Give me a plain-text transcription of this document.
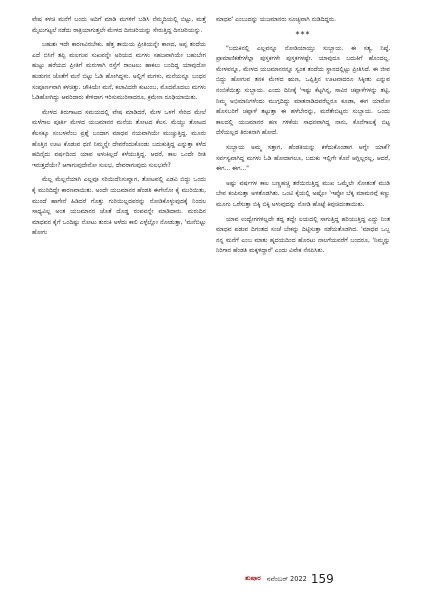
ವೇಷ ಕಳಚಿ ಮನೆಗೆ ಬಂದು ಅದಿಗೆ ಮಾಡಿ ಮಗಳಿಗೆ ಬಡಿಸಿ ನೆಮ್ಮದಿಯಲ್ಲಿ ಬಿಟ್ಟು, ಮತ್ತೆ ಮೈಲುಗಟ್ಟಲೆ ನಡೆದು ರಾತ್ರಿಯಾಗುತ್ತಲೇ ಮೇಳದ ದಿನಚರಿಯನ್ನು ಸೇರುತ್ತಿದ್ದ ದಿನಚರಿಯನ್ನು.

ಬಹುಶಃ ಇದೇ ಕಾರಣವಿರಬೇಕು. ಹೆತ್ತ ತಾಯಿಯ ಪ್ರೀತಿಯನ್ನೇ ಕಾಣದ, ಅಪ್ಪ ತಂದೆಯ ಎದೆ ಬಿಸಿಗೆ ತಪ್ಪಿ ಮಲಗುವ ಸುಖವನ್ನೇ ಅರಿಯದ ಮಗಳು ಸಹಜವಾಗಿಯೇ ಬಹುಬೇಗ ಹುಟ್ಟು ಹರೆಯದ ಪ್ರೀತಿಗೆ ಮರುಳಾಗಿ ರಸ್ತೆಗೆ ರಾಂಟಲು ಹಾಕಲು ಬಂದಿದ್ದ ಯಾವುದೋ ಹುಡುಗನ ಜೊತೆಗೆ ಮನೆ ಬಿಟ್ಟು ಓಡಿ ಹೋಗಿದ್ದಳು. ಅಲ್ಲಿಗೆ ಮಗಳು, ಮನೆಯನ್ನೂ ಬಂಧನ ಸಂಪೂರ್ಣವಾಗಿ ಕಳಚಿತ್ತು. ಚೌಕಿಯೇ ಮನೆ, ಕಲಾವಿದರೇ ಕುಟುಂಬ, ಮೊದಮೊದಲು ಮಗಳು ಓಡಿಹೋಗಿದ್ದು ಆವರಿದಾರು ಕೇಳಿದಾಗ ಇರಿಸುಮುರಿಸಾದರೂ, ಕ್ರಮೇಣ ರೂಢಿಯಾಯಿತು.

ಮೇಳದ ತಿರುಗಾಟದ ಸಮಯದಲ್ಲಿ ವೇಷ ಮಾಡಿದರೆ, ಮೇಳ ಒಳಗೆ ಸೇರಿದ ಮೇಲೆ ಮಳೆಗಾಲ ಪೂರ್ತಿ ಮೇಳದ ಯಜಮಾನರ ಮನೆಯ ತೋಟದ ಕೆಲಸ. ಮೆಯ್ದು ತೋಟದ ಕೆಲಸಕ್ಕೂ ಸಂಬಳವೆಂಬ ಪ್ರಶ್ನೆ ಬಂದಾಗ ಮಾಧವ ನಯವಾಗಿಯೇ ಮುಚ್ಚುತ್ತಿದ್ದ. ಮೂರು ಹೊತ್ತಿನ ಊಟ ಕೊಡುವ ಧಣಿ ನಿಮ್ಮನ್ನೇ ದೇವರೆಂದುಕೊಂಡು ಬದುಕುತ್ತಿದ್ದ ಎನ್ನುತ್ತಾ ಕಳೆದ ಹದಿನೈದು ವರ್ಷದಿಂದ ಯಾವ ಅಳುಕಿಲ್ಲದೆ ಕಳೆಯುತ್ತಿದ್ದ. ಆದರೆ, ಕಾಲ ಒಂದೇ ರೀತಿ ಇರುತ್ತದೆಯೇ? ಆಗಾಗುವುದೇನೋ ಸುಲಭ, ದೇವರಾಗುವುದು ಸುಲಭವೇ?

ಮೆಲ್ಲ ಮೆಲ್ಲನೆಯಾಗಿ ಎಲ್ಲವೂ ಸರಿಯಿದೆನಿಸುವ್ವಾಗ, ತೋಟವಲ್ಲಿ ಎಡವಿ ಬಿದ್ದು ಒಂದು ಕೈ ಮುರಿದಿದ್ದೇ ಕಾರಣವಾಯಿತು. ಅಂದೇ ಯಜಮಾನರ ಹೆಂಡತಿ ಈಗೇನೋ ಕೈ ಮುರಿಯಿತು, ಮುಂದೆ ಹಾಗೇನೆ ಹಿಡಿದರೆ ಗೊತ್ತು ಗುರಿಯಿಲ್ಲದವರನ್ನು ನೋಡಿಕೊಳ್ಳುವುದಕ್ಕೆ ನಿಂದಲ ಸಾಧ್ಯವಿಲ್ಲ ಅಂತ ಯಜಮಾನರ ಜೊತೆ ದೊಡ್ಡ ರಂಪವನ್ನೇ ಮಾಡಿದಾರು. ಮರುದಿನ ಮಾಧವನ ಕೈಗೆ ಒಂದಿಷ್ಟು ನೋಟು ತುರುಕಿ ಅಳೆದು ಕಾಲಿ ಎಳ್ಳೆಲ್ಲೋ ನೋಡುತ್ತಾ, 'ಮನೆಬಿಟ್ಟು ಹೋಗು

ಮಾಧವ' ಎಂಬುದನ್ನು ಯಜಮಾನರು ಸೂಚ್ಯವಾಗಿ ನುಡಿದಿದ್ದರು.

***

"ಬದುಕಿನಲ್ಲಿ ಎಲ್ಲವನ್ನೂ ನೋಡಿಯಾಯ್ತು ಸುಬ್ಬಾಯ. ಈ ಸತ್ಯ, ನಿಷ್ಠೆ, ಪ್ರಾಮಾಣಿಕತೆಗಳೆಲ್ಲಾ ಪುಸ್ತಕಗಳೇ ಪುಸ್ತಕಗಳಷ್ಟೇ. ಯಾವುದೂ ಬದುಕಿಗೆ ಹೊಂದಲ್ಲ. ಮೇಳವನ್ನೂ, ಮೇಳದ ಯಜಮಾನರನ್ನೂ ಸ್ವಂತ ತಂದೆಯ ಸ್ಥಾನದಲ್ಲಿಟ್ಟು ಪ್ರೀತಿಸಿದೆ. ಈ ಜೀವ ಬಿದ್ದು ಹೋಗುವ ತನಕ ಮೇಳದ ಋಣ, ಒಪ್ಪಿತ್ತಿನ ಊಟವಾದರೂ ಸಿಕ್ಕೀತು ಎನ್ನುವ ನಂಬಿಕೆಯಿತ್ತು ಸುಬ್ಬಾಯ. ಎಂದು ದಿನೀಕ್ಕೆ 'ಇಷ್ಟು ಕೆಟ್ಟಗಿನ್ನ, ಸಾವಿರ ಚಪ್ಪಾಳೆಗಳನ್ನು ತಟ್ಟಿ, ನಿಮ್ಮ ಅಭಿಮಾನಿಗಳೆಂದು ಮುಗ್ಗದಿದ್ದು ಮಾತನಾಡಿದವರೆಲ್ಲರೂ ಕೂಡಾ, ಈಗ ಯಾರೋ ಹೊಸಬರಿಗೆ ಚಪ್ಪಾಳೆ ತಟ್ಟುತ್ತಾ ಈ ಹಳೆಬೇರನ್ನು, ಮರೆತೇಬಿಟ್ಟರು ಸುಬ್ಬಾಯ. ಒಂದು ಕಾಲದಲ್ಲಿ ಯಜಮಾನರ ಹಣ ಗಳಿಕೆಯ ಸಾಧನವಾಗಿದ್ದ ನಾನು, ಕೊನೆಗಾಲಕ್ಕೆ ಬಿಟ್ಟ ದೆಸೆಯಲ್ಲದ ತಿರುಕನಾಗಿ ಹೋದೆ.

ಸುಬ್ಬಾಯ ಅಮ್ಮ ಸತ್ತಾಗ, ಹೆಂಡತಿಯನ್ನು ಕಳೆದುಕೊಂಡಾಗ ಆಗ್ನೇ ಯಾಕೆ? ಸರ್ವಸ್ವವಾಗಿದ್ದ ಮಗಳು ಓಡಿ ಹೋದಾಗಲೂ, ಬದುಕು ಇಲ್ಲಿಗೇ ಕೊನೆ ಆಗ್ಲಿಲ್ಲರಲ್ಲ, ಆದರೆ, ಈಗ... ಈಗ..."

ಅಷ್ಟು ವರ್ಷಗಳ ಕಾಲ ಬಣ್ಣಹಚ್ಚಿ ತರೆಯಿರುತ್ತಿದ್ದ ಮುಖ ಒಮ್ಮೆಲೇ ಸೋತಂತೆ ಮುಡಿ ಬೇವ ಕಂಪಿಸುತ್ತಾ ಅಳತೊಡಗಿತು. ಒಂಟಿ ಕೈಯಲ್ಲಿ ಅಷ್ಟೋ 'ಇಪ್ಪೋ ಬೆಕ್ಕ ಮಾಮನವ್ಗೆ ಕಣ್ಣು ಮೂಗು ಒರೆಸುತ್ತಾ ಬಿಕ್ಕಿ ಬಿಕ್ಕಿ ಅಳುವುದನ್ನು ನೋಡಿ ಹೊಟ್ಟೆ ಕಿವುಚಿದಂತಾಯಿತು.

ಯಾವ ಉದ್ವೇಗಗಳಿಲ್ಲದೇ ತದ್ದ ತದ್ದೇ ಲಯದಲ್ಲಿ ಸಾಗುತ್ತಿದ್ದ ಹರಿಯುತ್ತಿದ್ದ ಎದ್ದು ನಿಂತ ಮಾಧವ ಪಡುವ ದಿಗಂತದ ಸಂಜೆ ಬೇಕನ್ನು ದಿಟ್ಟಿಸುತ್ತಾ ನಡೆಯತೊಡಗಿದ. 'ಮಾಧವ ಒಬ್ಬ ನನ್ನ ಮನೆಗೆ ಎಂಬ ಮಾತು ಹೃದಯದಿಂದ ಹೊರಟು ನಾಲಗೆಯವರೆಗೆ ಬಂದರೂ, 'ನಿಮ್ಮನ್ನು ನಿರಿಗಾರ ಹೆಂಡತಿ ಮಕ್ಕಳಿದ್ದಾರೆ' ಎಂದು ವಿವೇಕ ನೆನಪಿಸಿತು.

ತುಷಾರ ನವೆಂಬರ್ 2022 159
